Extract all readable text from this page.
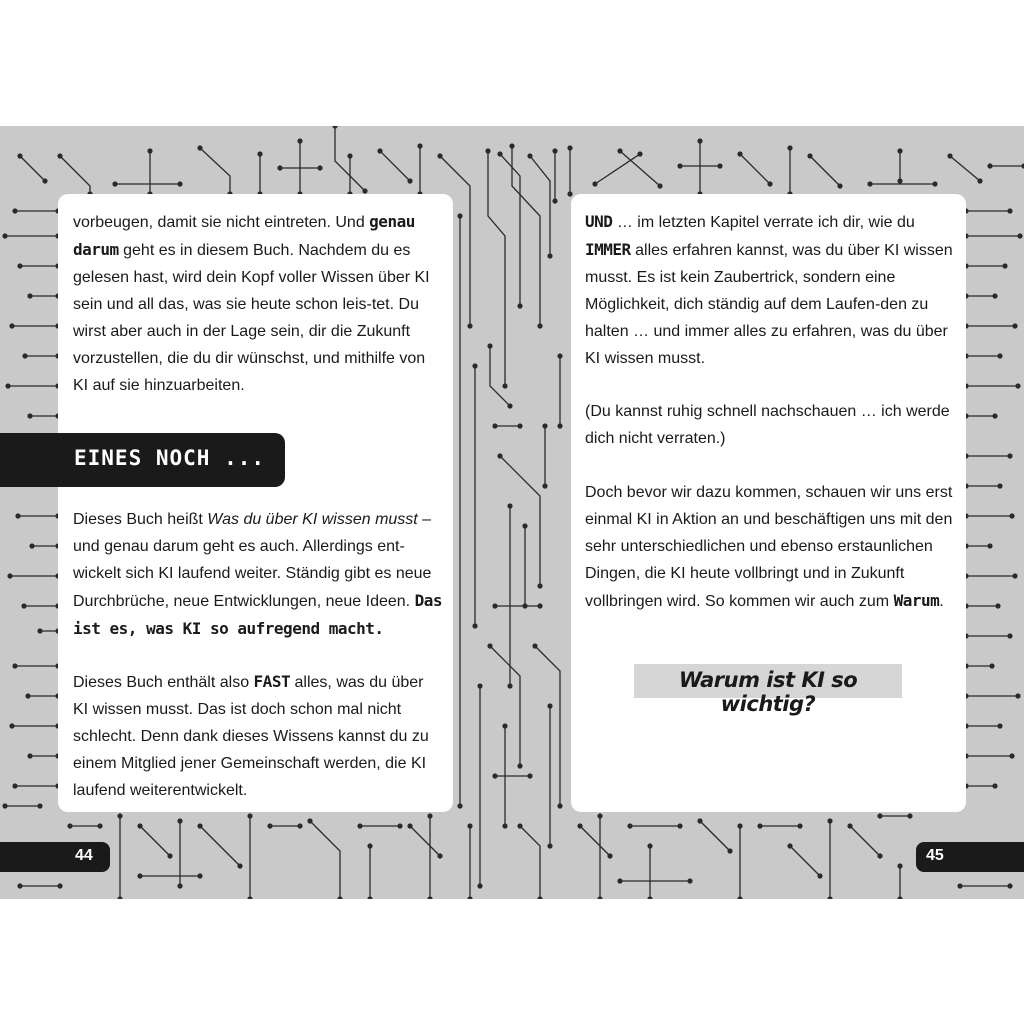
vorbeugen, damit sie nicht eintreten. Und genau darum geht es in diesem Buch. Nachdem du es gelesen hast, wird dein Kopf voller Wissen über KI sein und all das, was sie heute schon leis-tet. Du wirst aber auch in der Lage sein, dir die Zukunft vorzustellen, die du dir wünschst, und mithilfe von KI auf sie hinzuarbeiten.

Dieses Buch heißt Was du über KI wissen musst – und genau darum geht es auch. Allerdings ent-wickelt sich KI laufend weiter. Ständig gibt es neue Durchbrüche, neue Entwicklungen, neue Ideen. Das ist es, was KI so aufregend macht.

Dieses Buch enthält also FAST alles, was du über KI wissen musst. Das ist doch schon mal nicht schlecht. Denn dank dieses Wissens kannst du zu einem Mitglied jener Gemeinschaft werden, die KI laufend weiterentwickelt.

EINES NOCH ...

UND … im letzten Kapitel verrate ich dir, wie du IMMER alles erfahren kannst, was du über KI wissen musst. Es ist kein Zaubertrick, sondern eine Möglichkeit, dich ständig auf dem Laufen-den zu halten … und immer alles zu erfahren, was du über KI wissen musst.

(Du kannst ruhig schnell nachschauen … ich werde dich nicht verraten.)

Doch bevor wir dazu kommen, schauen wir uns erst einmal KI in Aktion an und beschäftigen uns mit den sehr unterschiedlichen und ebenso erstaunlichen Dingen, die KI heute vollbringt und in Zukunft vollbringen wird. So kommen wir auch zum Warum.

Warum ist KI so wichtig?

44	45
